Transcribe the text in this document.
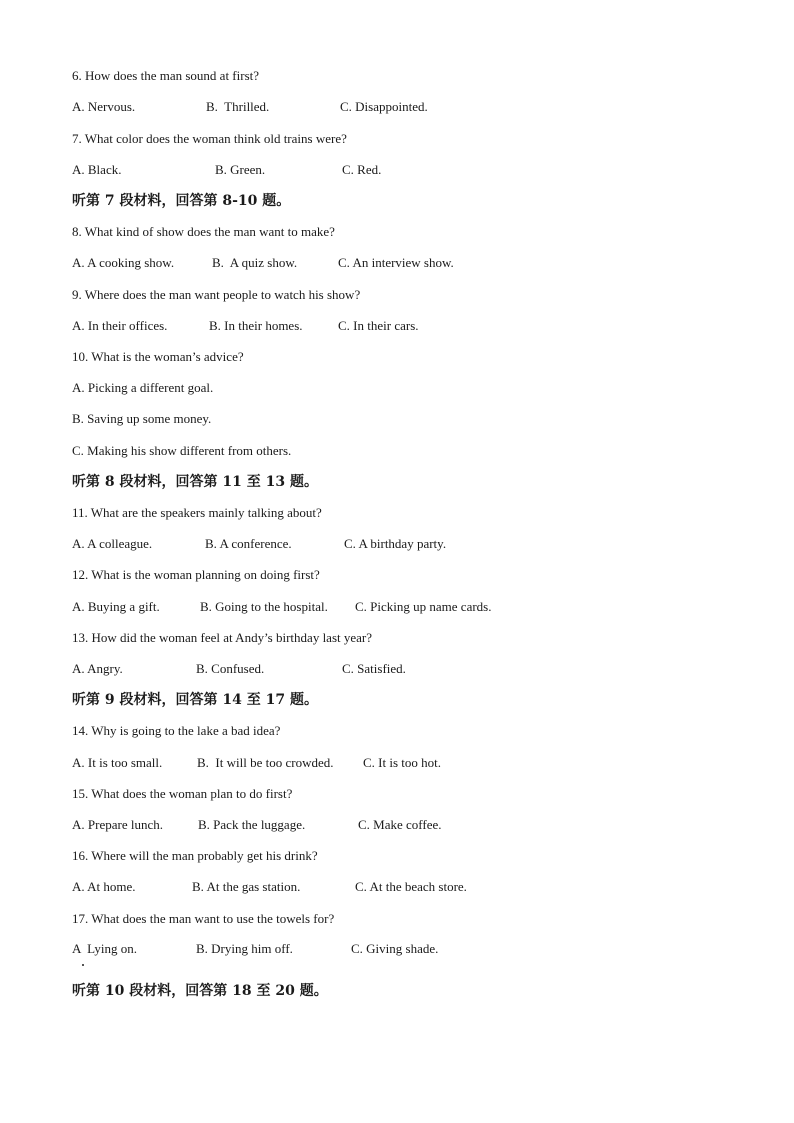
6. How does the man sound at first?
A. Nervous.	B.  Thrilled.	C. Disappointed.
7. What color does the woman think old trains were?
A. Black.	B. Green.	C. Red.
听第 7 段材料，回答第 8-10 题。
8. What kind of show does the man want to make?
A. A cooking show.	B.  A quiz show.	C. An interview show.
9. Where does the man want people to watch his show?
A. In their offices.	B. In their homes.	C. In their cars.
10. What is the woman’s advice?
A. Picking a different goal.
B. Saving up some money.
C. Making his show different from others.
听第 8 段材料，回答第 11 至 13 题。
11. What are the speakers mainly talking about?
A. A colleague.	B. A conference.	C. A birthday party.
12. What is the woman planning on doing first?
A. Buying a gift.	B. Going to the hospital. C. Picking up name cards.
13. How did the woman feel at Andy’s birthday last year?
A. Angry.	B. Confused.	C. Satisfied.
听第 9 段材料，回答第 14 至 17 题。
14. Why is going to the lake a bad idea?
A. It is too small.	B.  It will be too crowded. C. It is too hot.
15. What does the woman plan to do first?
A. Prepare lunch.	B. Pack the luggage.	C. Make coffee.
16. Where will the man probably get his drink?
A. At home.	B. At the gas station.	C. At the beach store.
17. What does the man want to use the towels for?
A  Lying on.	B. Drying him off.	C. Giving shade.
听第 10 段材料，回答第 18 至 20 题。
